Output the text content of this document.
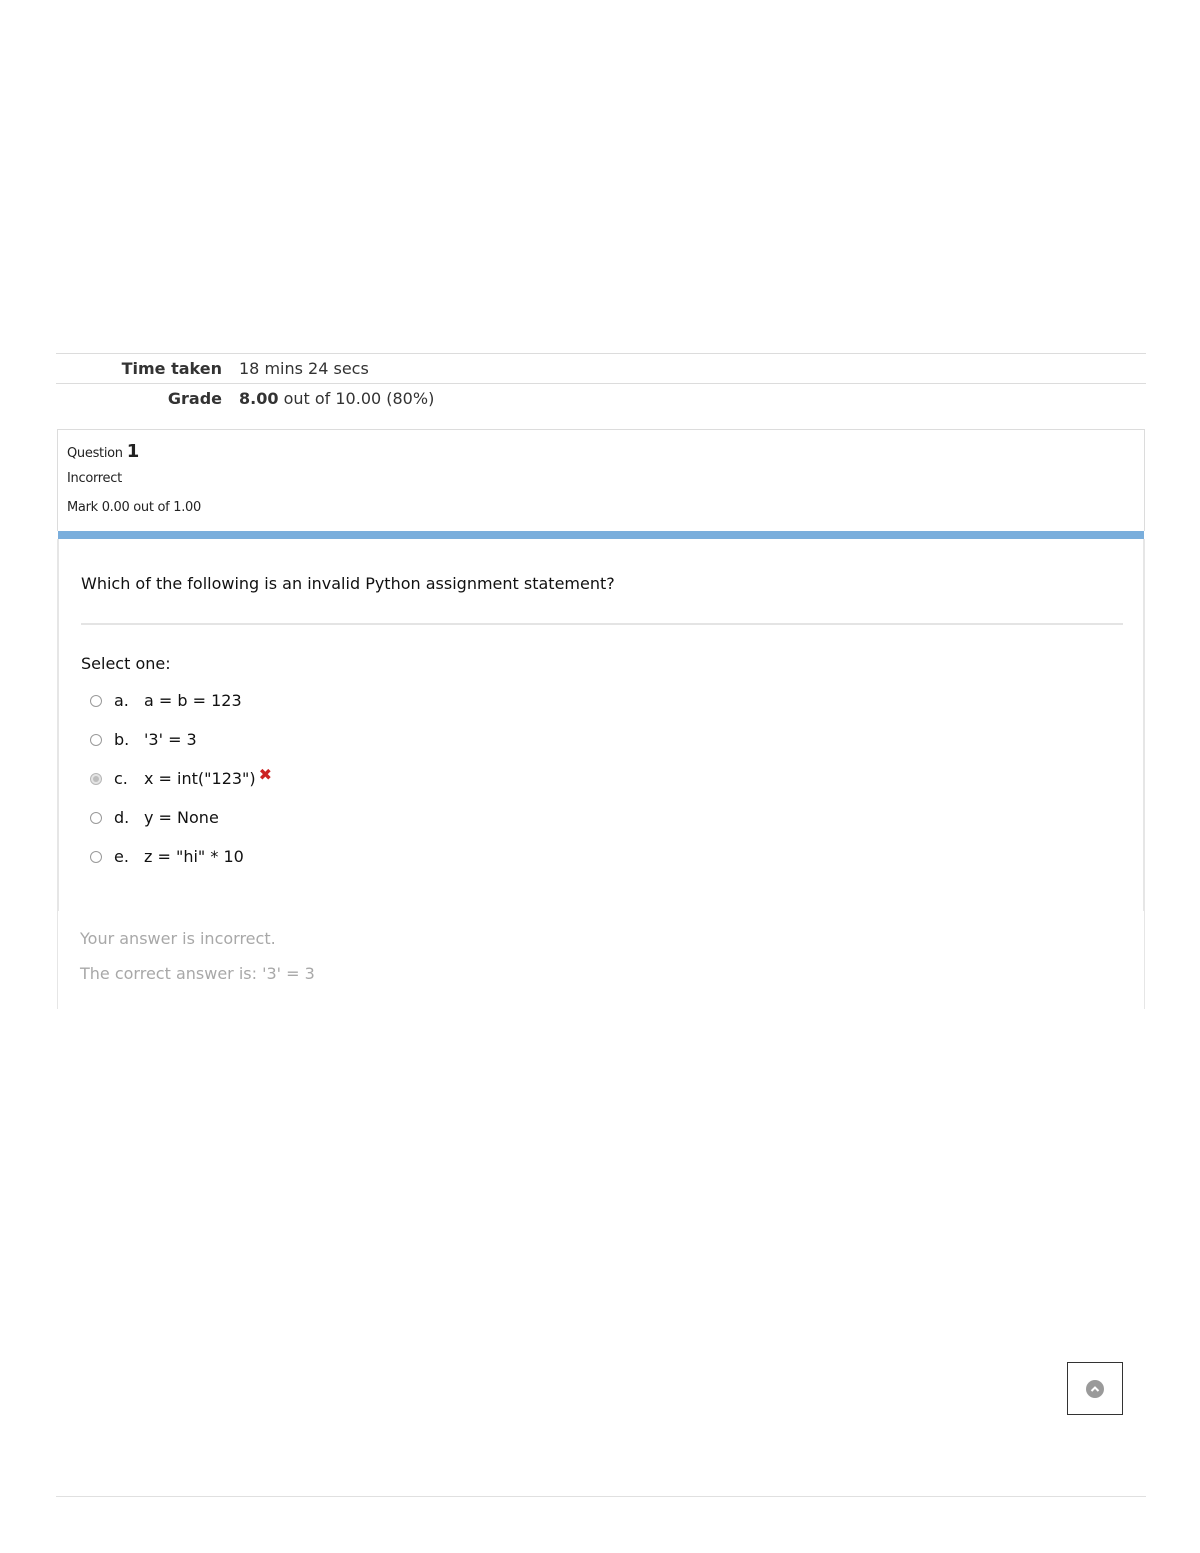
Time taken	18 mins 24 secs
Grade	8.00 out of 10.00 (80%)
Question 1
Incorrect
Mark 0.00 out of 1.00
Which of the following is an invalid Python assignment statement?
Select one:
a. a = b = 123
b. '3' = 3
c.	x = int("123") ✖
d. y = None
e. z = "hi" * 10
Your answer is incorrect.
The correct answer is: '3' = 3
